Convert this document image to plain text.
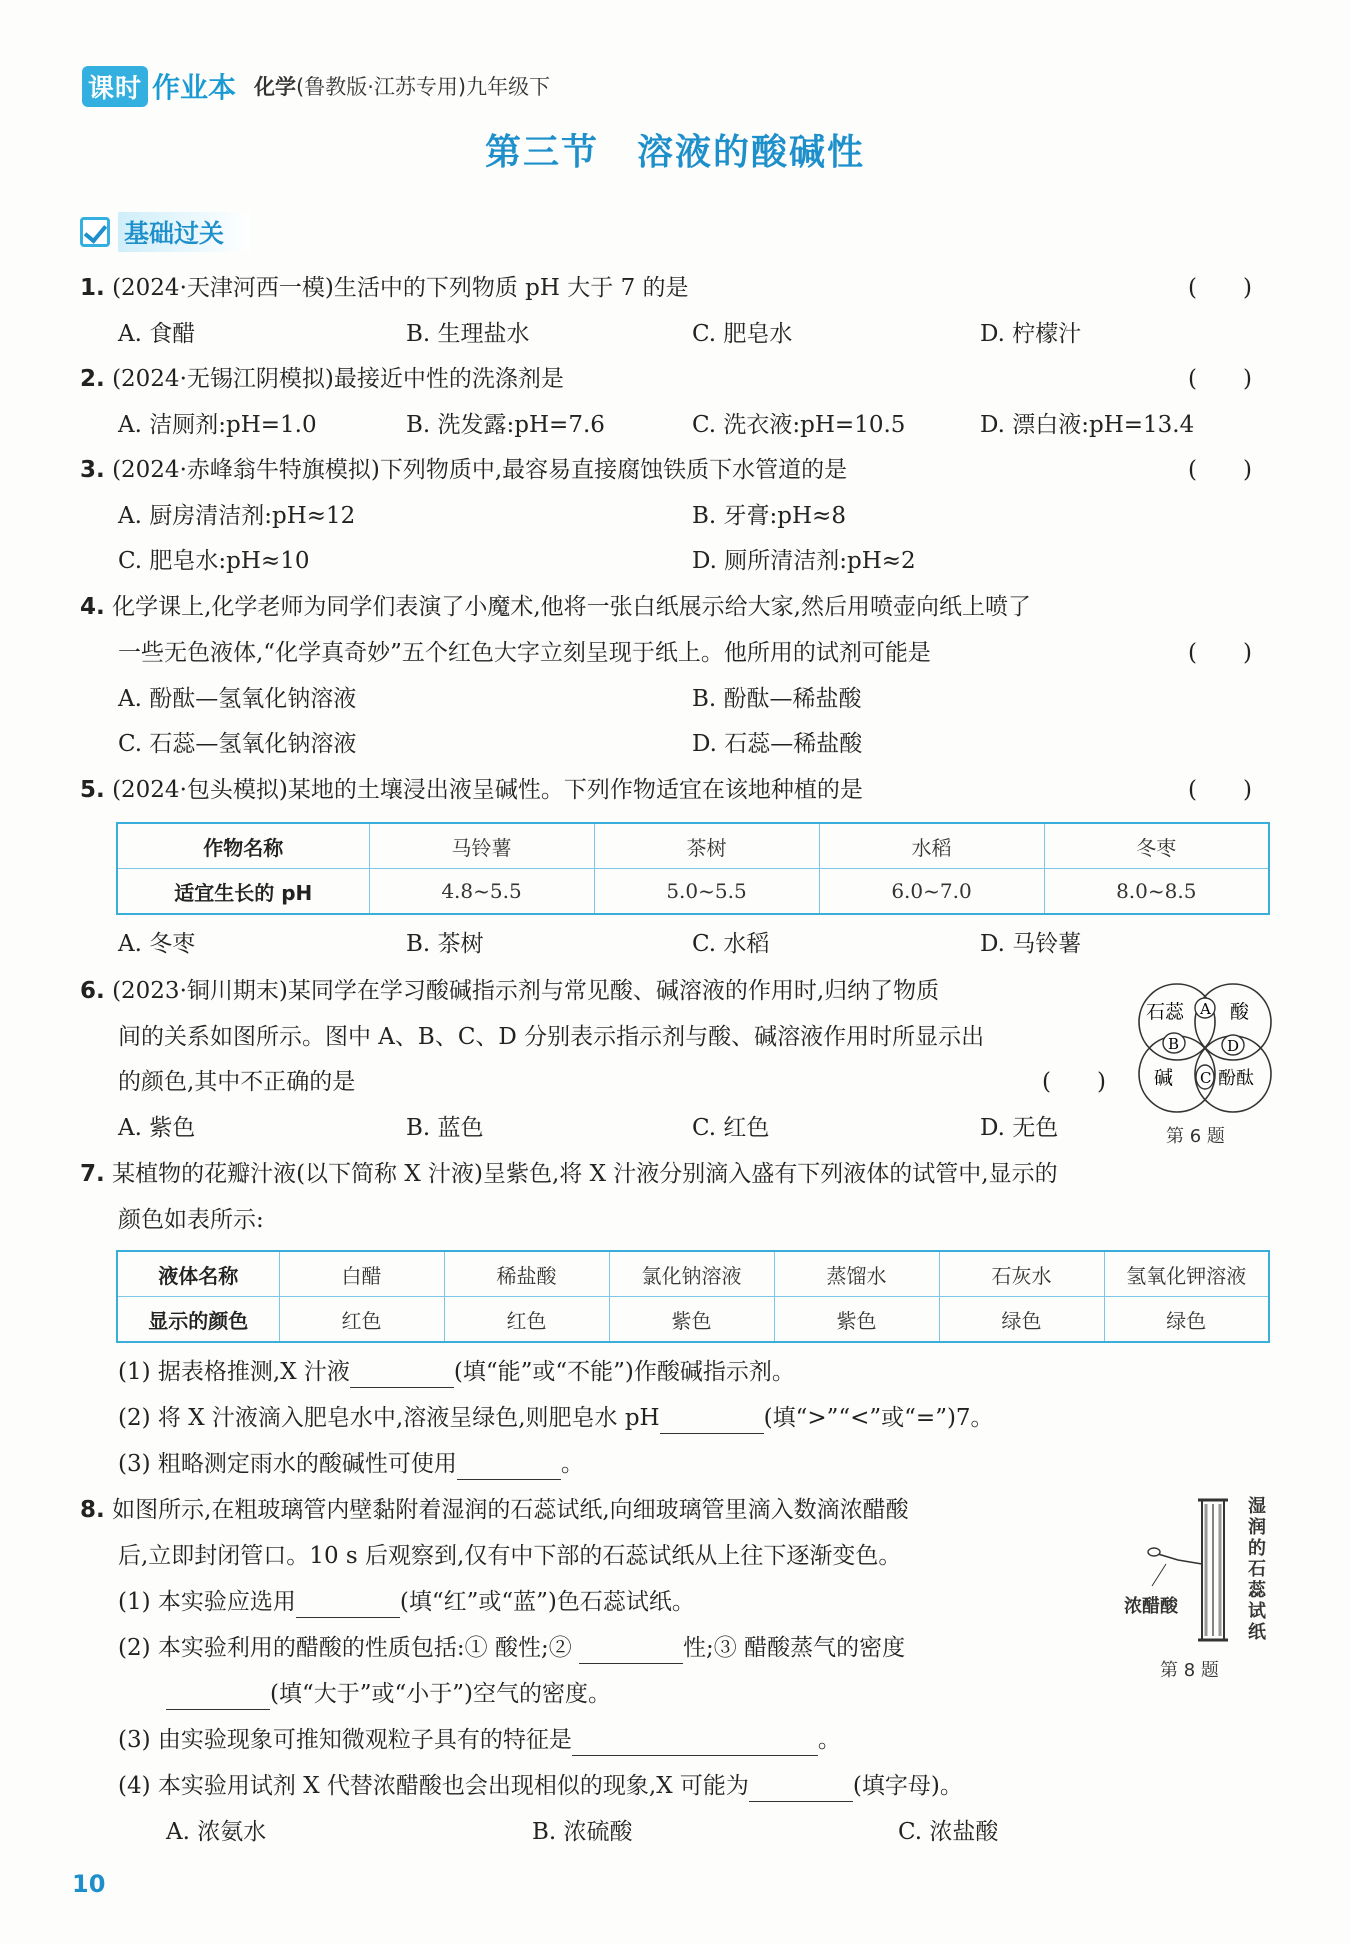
课时 作业本 化学(鲁教版·江苏专用)九年级下
第三节　溶液的酸碱性
基础过关
1. (2024·天津河西一模)生活中的下列物质 pH 大于 7 的是	(　　)
A. 食醋	B. 生理盐水	C. 肥皂水	D. 柠檬汁
2. (2024·无锡江阴模拟)最接近中性的洗涤剂是	(　　)
A. 洁厕剂:pH=1.0	B. 洗发露:pH=7.6	C. 洗衣液:pH=10.5	D. 漂白液:pH=13.4
3. (2024·赤峰翁牛特旗模拟)下列物质中,最容易直接腐蚀铁质下水管道的是	(　　)
A. 厨房清洁剂:pH≈12	B. 牙膏:pH≈8
C. 肥皂水:pH≈10	D. 厕所清洁剂:pH≈2
4. 化学课上,化学老师为同学们表演了小魔术,他将一张白纸展示给大家,然后用喷壶向纸上喷了
一些无色液体,“化学真奇妙”五个红色大字立刻呈现于纸上。他所用的试剂可能是	(　　)
A. 酚酞—氢氧化钠溶液	B. 酚酞—稀盐酸
C. 石蕊—氢氧化钠溶液	D. 石蕊—稀盐酸
5. (2024·包头模拟)某地的土壤浸出液呈碱性。下列作物适宜在该地种植的是	(　　)
作物名称	马铃薯	茶树	水稻	冬枣
适宜生长的 pH	4.8~5.5	5.0~5.5	6.0~7.0	8.0~8.5
A. 冬枣	B. 茶树	C. 水稻	D. 马铃薯
6. (2023·铜川期末)某同学在学习酸碱指示剂与常见酸、碱溶液的作用时,归纳了物质
间的关系如图所示。图中 A、B、C、D 分别表示指示剂与酸、碱溶液作用时所显示出
的颜色,其中不正确的是	(　　)
A. 紫色	B. 蓝色	C. 红色	D. 无色
石蕊 酸
A
B	D
C
碱 酚酞
第 6 题
7. 某植物的花瓣汁液(以下简称 X 汁液)呈紫色,将 X 汁液分别滴入盛有下列液体的试管中,显示的
颜色如表所示:
液体名称	白醋	稀盐酸	氯化钠溶液	蒸馏水	石灰水	氢氧化钾溶液
显示的颜色	红色	红色	紫色	紫色	绿色	绿色
(1) 据表格推测,X 汁液	(填“能”或“不能”)作酸碱指示剂。
(2) 将 X 汁液滴入肥皂水中,溶液呈绿色,则肥皂水 pH	(填“>”“<”或“=”)7。
(3) 粗略测定雨水的酸碱性可使用	。
8. 如图所示,在粗玻璃管内壁黏附着湿润的石蕊试纸,向细玻璃管里滴入数滴浓醋酸
后,立即封闭管口。10 s 后观察到,仅有中下部的石蕊试纸从上往下逐渐变色。
(1) 本实验应选用	(填“红”或“蓝”)色石蕊试纸。
(2) 本实验利用的醋酸的性质包括:① 酸性;②	性;③ 醋酸蒸气的密度
(填“大于”或“小于”)空气的密度。
(3) 由实验现象可推知微观粒子具有的特征是	。
(4) 本实验用试剂 X 代替浓醋酸也会出现相似的现象,X 可能为	(填字母)。
A. 浓氨水	B. 浓硫酸	C. 浓盐酸
浓醋酸
湿润的石蕊试纸
第 8 题
10
